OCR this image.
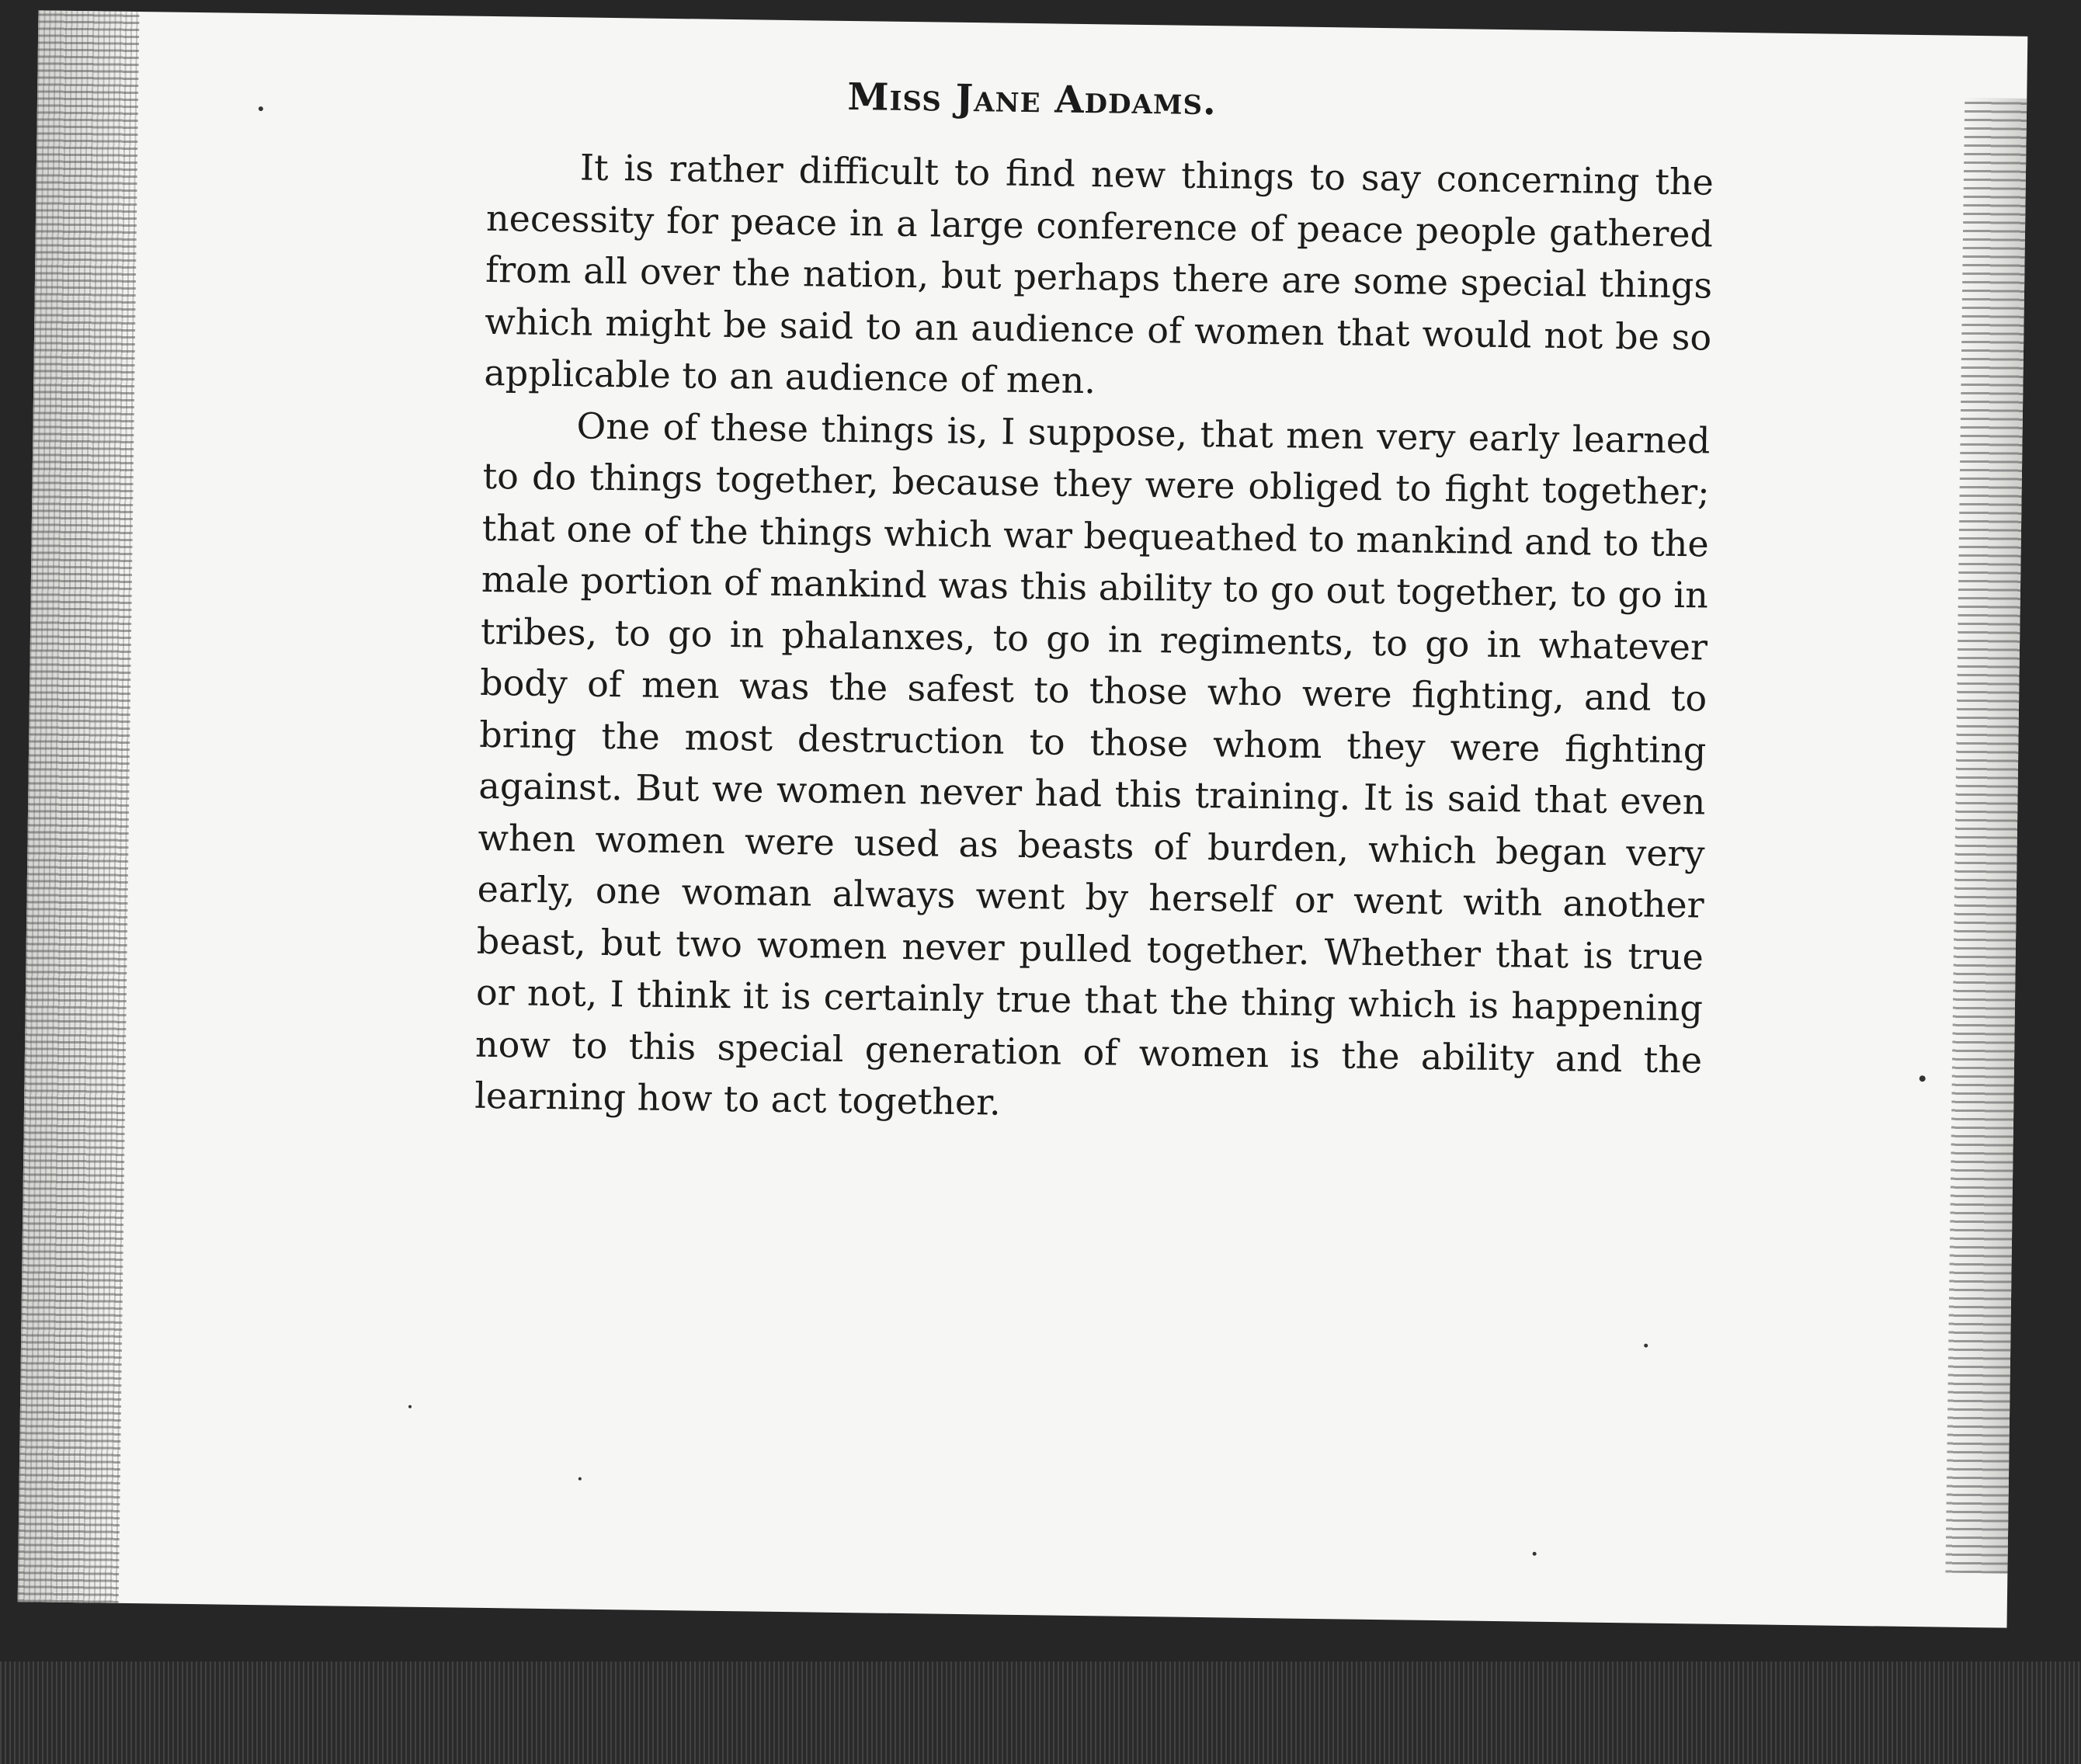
Miss Jane Addams.

It is rather difficult to find new things to say concerning the necessity for peace in a large conference of peace people gathered from all over the nation, but perhaps there are some special things which might be said to an audience of women that would not be so applicable to an audience of men.

One of these things is, I suppose, that men very early learned to do things together, because they were obliged to fight together; that one of the things which war bequeathed to mankind and to the male portion of mankind was this ability to go out together, to go in tribes, to go in phalanxes, to go in regiments, to go in whatever body of men was the safest to those who were fighting, and to bring the most destruction to those whom they were fighting against. But we women never had this training. It is said that even when women were used as beasts of burden, which began very early, one woman always went by herself or went with another beast, but two women never pulled together. Whether that is true or not, I think it is certainly true that the thing which is happening now to this special generation of women is the ability and the learning how to act together.
